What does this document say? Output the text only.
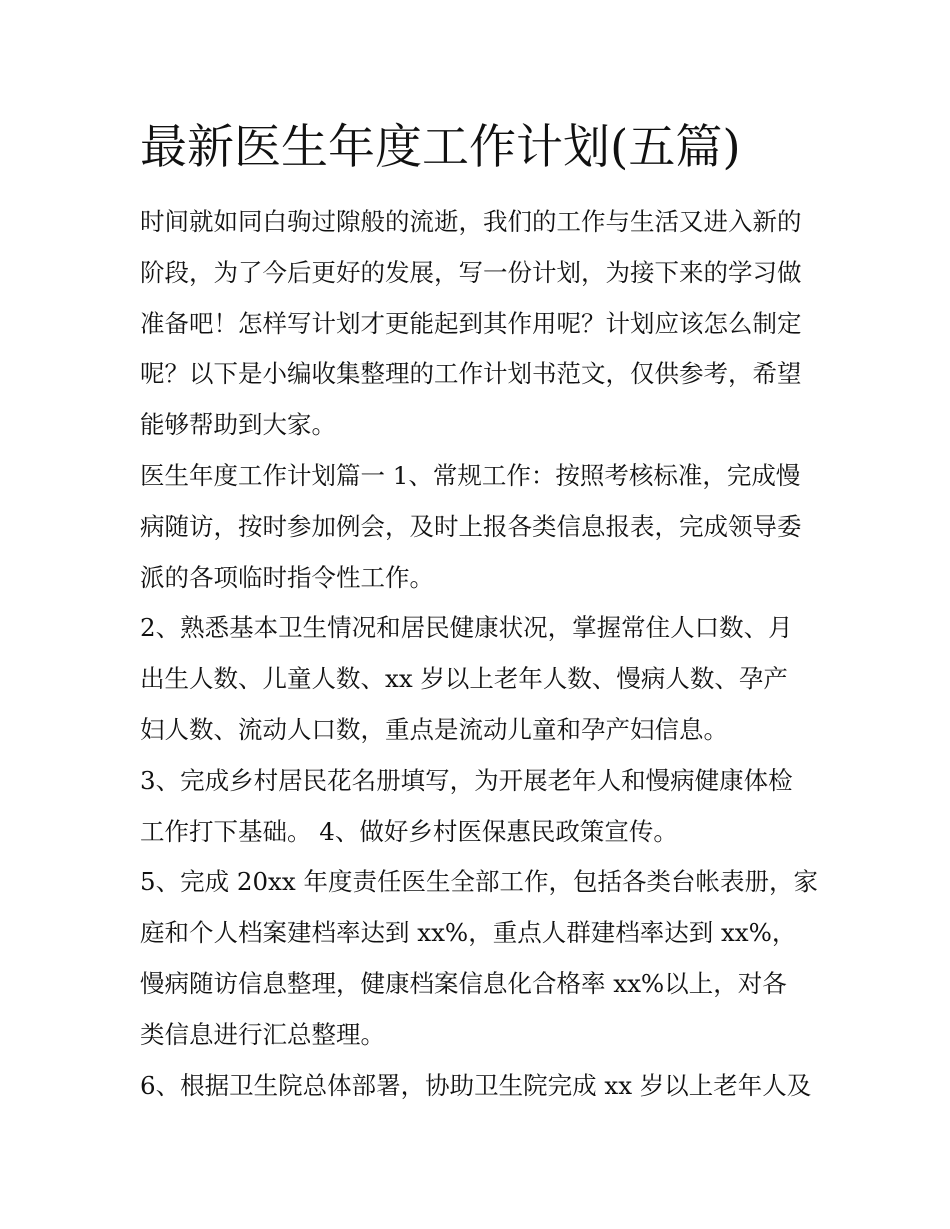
最新医生年度工作计划(五篇)
时间就如同白驹过隙般的流逝，我们的工作与生活又进入新的
阶段，为了今后更好的发展，写一份计划，为接下来的学习做
准备吧！怎样写计划才更能起到其作用呢？计划应该怎么制定
呢？以下是小编收集整理的工作计划书范文，仅供参考，希望
能够帮助到大家。
医生年度工作计划篇一 1、常规工作：按照考核标准，完成慢
病随访，按时参加例会，及时上报各类信息报表，完成领导委
派的各项临时指令性工作。
2、熟悉基本卫生情况和居民健康状况，掌握常住人口数、月
出生人数、儿童人数、xx 岁以上老年人数、慢病人数、孕产
妇人数、流动人口数，重点是流动儿童和孕产妇信息。
3、完成乡村居民花名册填写，为开展老年人和慢病健康体检
工作打下基础。 4、做好乡村医保惠民政策宣传。
5、完成 20xx 年度责任医生全部工作，包括各类台帐表册，家
庭和个人档案建档率达到 xx%，重点人群建档率达到 xx%，
慢病随访信息整理，健康档案信息化合格率 xx%以上，对各
类信息进行汇总整理。
6、根据卫生院总体部署，协助卫生院完成 xx 岁以上老年人及
